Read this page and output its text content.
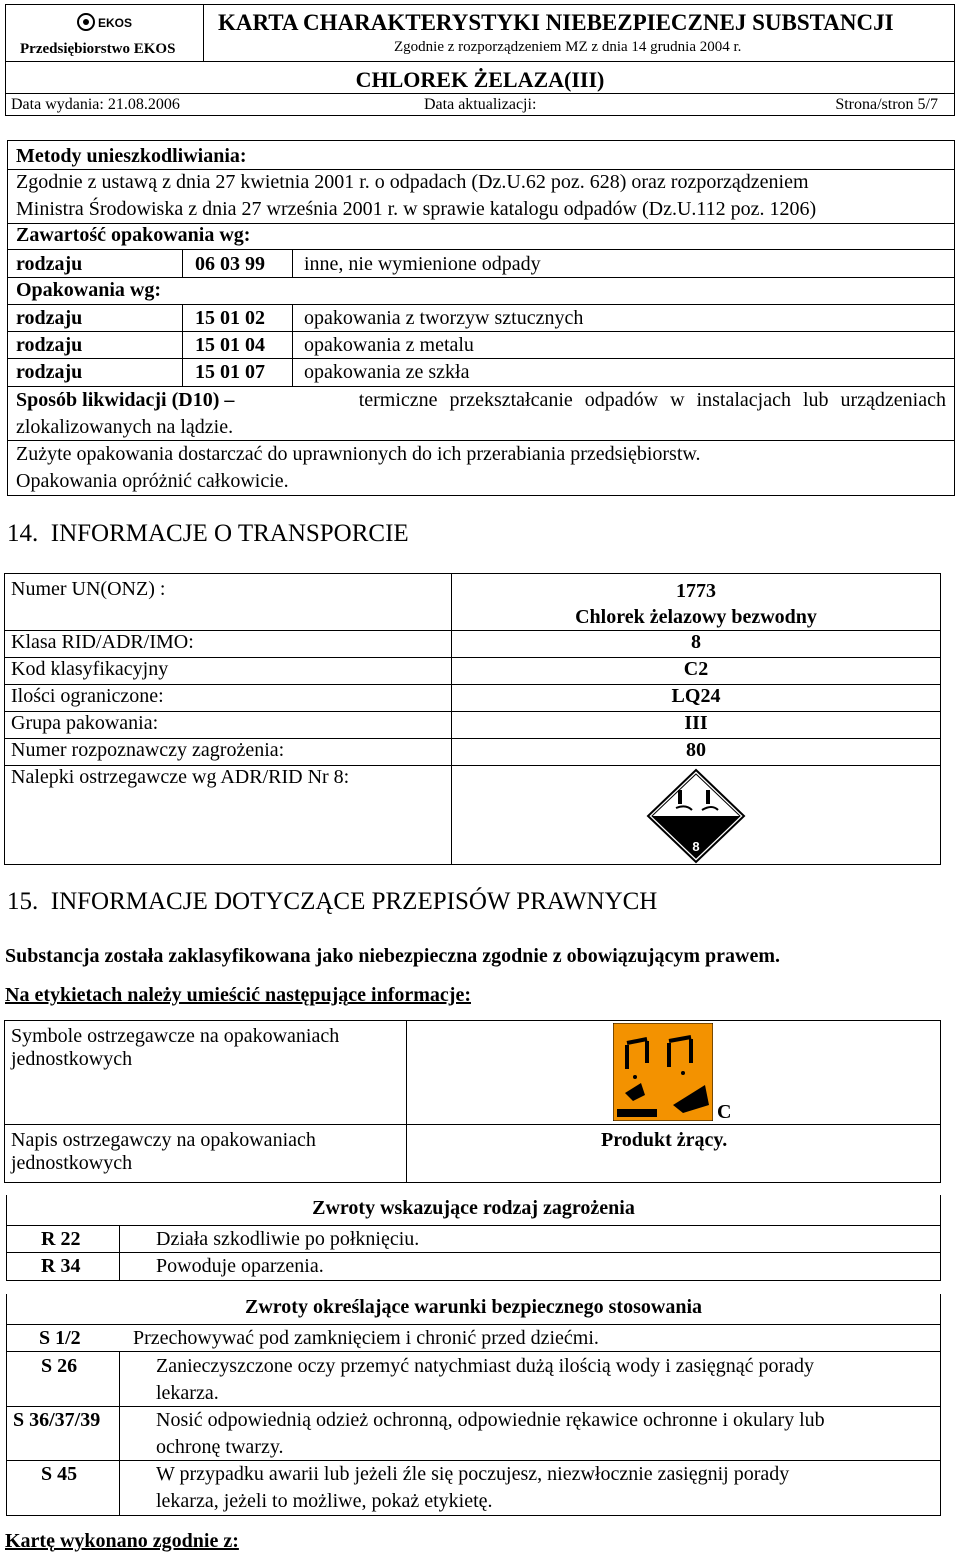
EKOS
Przedsiębiorstwo EKOS
KARTA CHARAKTERYSTYKI NIEBEZPIECZNEJ SUBSTANCJI
Zgodnie z rozporządzeniem MZ z dnia 14 grudnia 2004 r.
CHLOREK ŻELAZA(III)
Data wydania: 21.08.2006	Data aktualizacji:	Strona/stron 5/7
Metody unieszkodliwiania:
Zgodnie z ustawą z dnia 27 kwietnia 2001 r. o odpadach (Dz.U.62 poz. 628) oraz rozporządzeniem
Ministra Środowiska z dnia 27 września 2001 r. w sprawie katalogu odpadów (Dz.U.112 poz. 1206)
Zawartość opakowania wg:
rodzaju	06 03 99	inne, nie wymienione odpady
Opakowania wg:
rodzaju	15 01 02	opakowania z tworzyw sztucznych
rodzaju	15 01 04	opakowania z metalu
rodzaju	15 01 07	opakowania ze szkła
Sposób likwidacji (D10) –	termiczne przekształcanie odpadów w instalacjach lub urządzeniach
zlokalizowanych na lądzie.
Zużyte opakowania dostarczać do uprawnionych do ich przerabiania przedsiębiorstw.
Opakowania opróżnić całkowicie.
14.  INFORMACJE O TRANSPORCIE
Numer UN(ONZ) :	1773
Chlorek żelazowy bezwodny

Klasa RID/ADR/IMO:	8
Kod klasyfikacyjny	C2
Ilości ograniczone:	LQ24
Grupa pakowania:	III
Numer rozpoznawczy zagrożenia:	80
Nalepki ostrzegawcze wg ADR/RID Nr 8:	8
15.  INFORMACJE DOTYCZĄCE PRZEPISÓW PRAWNYCH
Substancja została zaklasyfikowana jako niebezpieczna zgodnie z obowiązującym prawem.
Na etykietach należy umieścić następujące informacje:
Symbole ostrzegawcze na opakowaniach jednostkowych	C

Napis ostrzegawczy na opakowaniach jednostkowych	Produkt żrący.
Zwroty wskazujące rodzaj zagrożenia
R 22	Działa szkodliwie po połknięciu.
R 34	Powoduje oparzenia.
Zwroty określające warunki bezpiecznego stosowania
S 1/2	Przechowywać pod zamknięciem i chronić przed dziećmi.
S 26	Zanieczyszczone oczy przemyć natychmiast dużą ilością wody i zasięgnąć porady
lekarza.
S 36/37/39	Nosić odpowiednią odzież ochronną, odpowiednie rękawice ochronne i okulary lub
ochronę twarzy.
S 45	W przypadku awarii lub jeżeli źle się poczujesz, niezwłocznie zasięgnij porady
lekarza, jeżeli to możliwe, pokaż etykietę.
Kartę wykonano zgodnie z:
